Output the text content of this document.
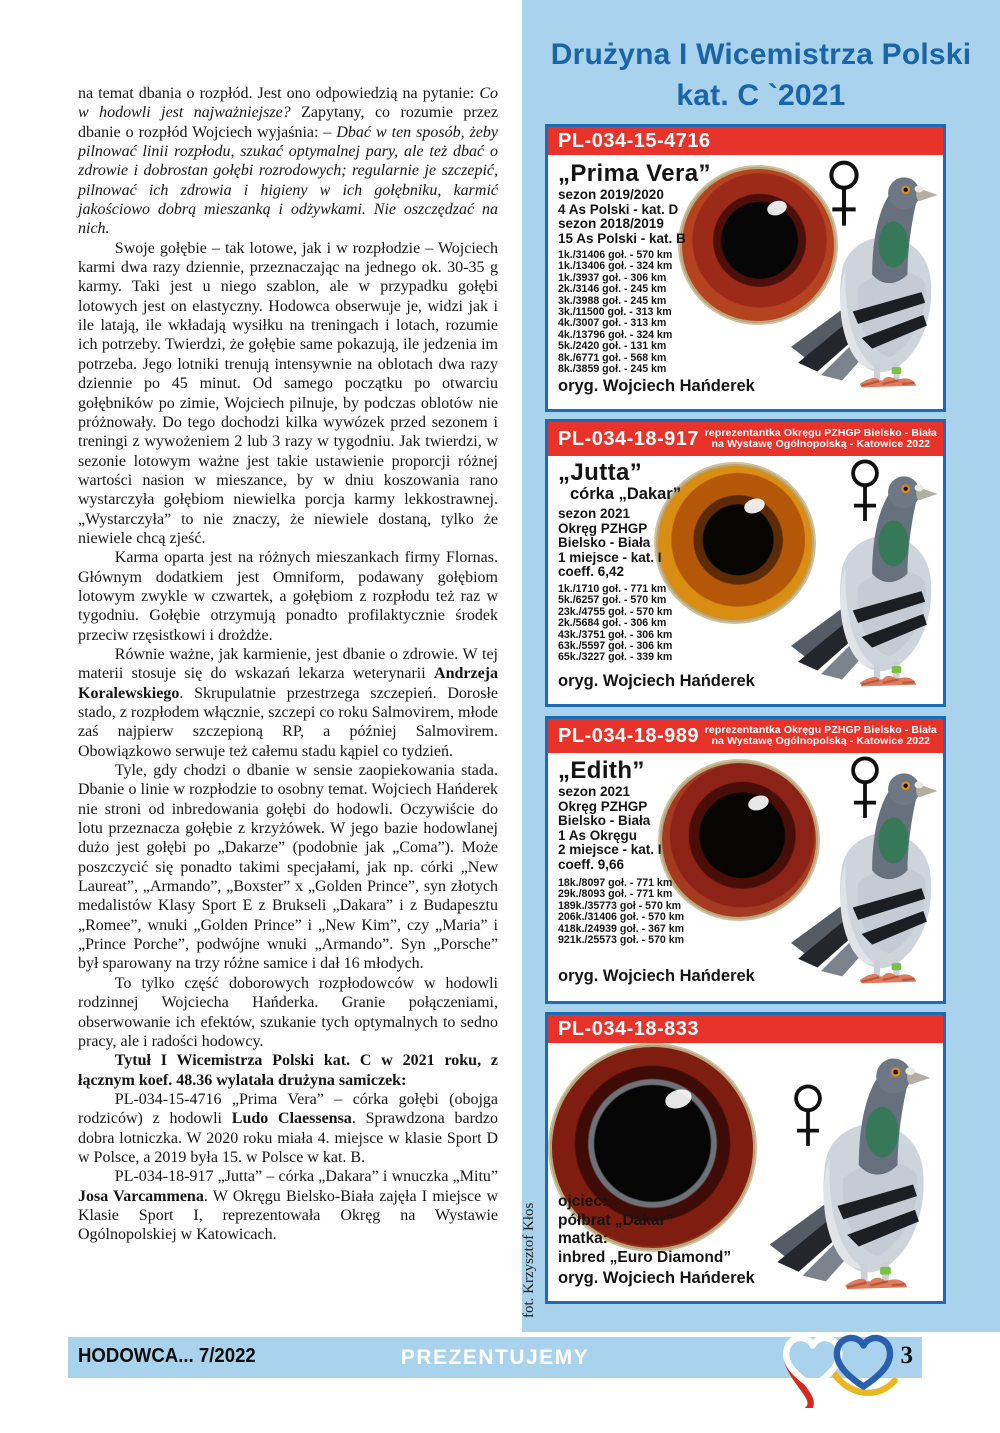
na temat dbania o rozpłód. Jest ono odpowiedzią na pytanie: Co w hodowli jest najważniejsze? Zapytany, co rozumie przez dbanie o rozpłód Wojciech wyjaśnia: – Dbać w ten sposób, żeby pilnować linii rozpłodu, szukać optymalnej pary, ale też dbać o zdrowie i dobrostan gołębi rozrodowych; regularnie je szczepić, pilnować ich zdrowia i higieny w ich gołębniku, karmić jakościowo dobrą mieszanką i odżywkami. Nie oszczędzać na nich.

Swoje gołębie – tak lotowe, jak i w rozpłodzie – Wojciech karmi dwa razy dziennie, przeznaczając na jednego ok. 30-35 g karmy. Taki jest u niego szablon, ale w przypadku gołębi lotowych jest on elastyczny. Hodowca obserwuje je, widzi jak i ile latają, ile wkładają wysiłku na treningach i lotach, rozumie ich potrzeby. Twierdzi, że gołębie same pokazują, ile jedzenia im potrzeba. Jego lotniki trenują intensywnie na oblotach dwa razy dziennie po 45 minut. Od samego początku po otwarciu gołębników po zimie, Wojciech pilnuje, by podczas oblotów nie próżnowały. Do tego dochodzi kilka wywózek przed sezonem i treningi z wywożeniem 2 lub 3 razy w tygodniu. Jak twierdzi, w sezonie lotowym ważne jest takie ustawienie proporcji różnej wartości nasion w mieszance, by w dniu koszowania rano wystarczyła gołębiom niewielka porcja karmy lekkostrawnej. „Wystarczyła” to nie znaczy, że niewiele dostaną, tylko że niewiele chcą zjeść.

Karma oparta jest na różnych mieszankach firmy Flornas. Głównym dodatkiem jest Omniform, podawany gołębiom lotowym zwykle w czwartek, a gołębiom z rozpłodu też raz w tygodniu. Gołębie otrzymują ponadto profilaktycznie środek przeciw rzęsistkowi i drożdże.

Równie ważne, jak karmienie, jest dbanie o zdrowie. W tej materii stosuje się do wskazań lekarza weterynarii Andrzeja Koralewskiego. Skrupulatnie przestrzega szczepień. Dorosłe stado, z rozpłodem włącznie, szczepi co roku Salmovirem, młode zaś najpierw szczepioną RP, a później Salmovirem. Obowiązkowo serwuje też całemu stadu kąpiel co tydzień.

Tyle, gdy chodzi o dbanie w sensie zaopiekowania stada. Dbanie o linie w rozpłodzie to osobny temat. Wojciech Hańderek nie stroni od inbredowania gołębi do hodowli. Oczywiście do lotu przeznacza gołębie z krzyżówek. W jego bazie hodowlanej dużo jest gołębi po „Dakarze” (podobnie jak „Coma”). Może poszczycić się ponadto takimi specjałami, jak np. córki „New Laureat”, „Armando”, „Boxster” x „Golden Prince”, syn złotych medalistów Klasy Sport E z Brukseli „Dakara” i z Budapesztu „Romee”, wnuki „Golden Prince” i „New Kim”, czy „Maria” i „Prince Porche”, podwójne wnuki „Armando”. Syn „Porsche” był sparowany na trzy różne samice i dał 16 młodych.

To tylko część doborowych rozpłodowców w hodowli rodzinnej Wojciecha Hańderka. Granie połączeniami, obserwowanie ich efektów, szukanie tych optymalnych to sedno pracy, ale i radości hodowcy.

Tytuł I Wicemistrza Polski kat. C w 2021 roku, z łącznym koef. 48.36 wylatała drużyna samiczek:

PL-034-15-4716 „Prima Vera” – córka gołębi (obojga rodziców) z hodowli Ludo Claessensa. Sprawdzona bardzo dobra lotniczka. W 2020 roku miała 4. miejsce w klasie Sport D w Polsce, a 2019 była 15. w Polsce w kat. B.

PL-034-18-917 „Jutta” – córka „Dakara” i wnuczka „Mitu” Josa Varcammena. W Okręgu Bielsko-Biała zajęła I miejsce w Klasie Sport I, reprezentowała Okręg na Wystawie Ogólnopolskiej w Katowicach.

Drużyna I Wicemistrza Polski
kat. C `2021
PL-034-15-4716
„Prima Vera”
sezon 2019/2020
4 As Polski - kat. D
sezon 2018/2019
15 As Polski - kat. B
1k./31406 goł. - 570 km
1k./13406 goł. - 324 km
1k./3937 goł. - 306 km
2k./3146 goł. - 245 km
3k./3988 goł. - 245 km
3k./11500 goł. - 313 km
4k./3007 goł. - 313 km
4k./13796 goł. - 324 km
5k./2420 goł. - 131 km
8k./6771 goł. - 568 km
8k./3859 goł. - 245 km
oryg. Wojciech Hańderek
PL-034-18-917 reprezentantka Okręgu PZHGP Bielsko - Biała
na Wystawę Ogólnopolską - Katowice 2022
„Jutta”
córka „Dakar”
sezon 2021
Okręg PZHGP
Bielsko - Biała
1 miejsce - kat. I
coeff. 6,42
1k./1710 goł. - 771 km
5k./6257 goł. - 570 km
23k./4755 goł. - 570 km
2k./5684 goł. - 306 km
43k./3751 goł. - 306 km
63k./5597 goł. - 306 km
65k./3227 goł. - 339 km
oryg. Wojciech Hańderek
PL-034-18-989 reprezentantka Okręgu PZHGP Bielsko - Biała
na Wystawę Ogólnopolską - Katowice 2022
„Edith”
sezon 2021
Okręg PZHGP
Bielsko - Biała
1 As Okręgu
2 miejsce - kat. I
coeff. 9,66
18k./8097 goł. - 771 km
29k./8093 goł. - 771 km
189k./35773 goł - 570 km
206k./31406 goł. - 570 km
418k./24939 goł. - 367 km
921k./25573 goł. - 570 km
oryg. Wojciech Hańderek
PL-034-18-833
ojciec:
półbrat „Dakar”
matka:
inbred „Euro Diamond”
oryg. Wojciech Hańderek
fot. Krzysztof Kłos
HODOWCA... 7/2022	PREZENTUJEMY	3
